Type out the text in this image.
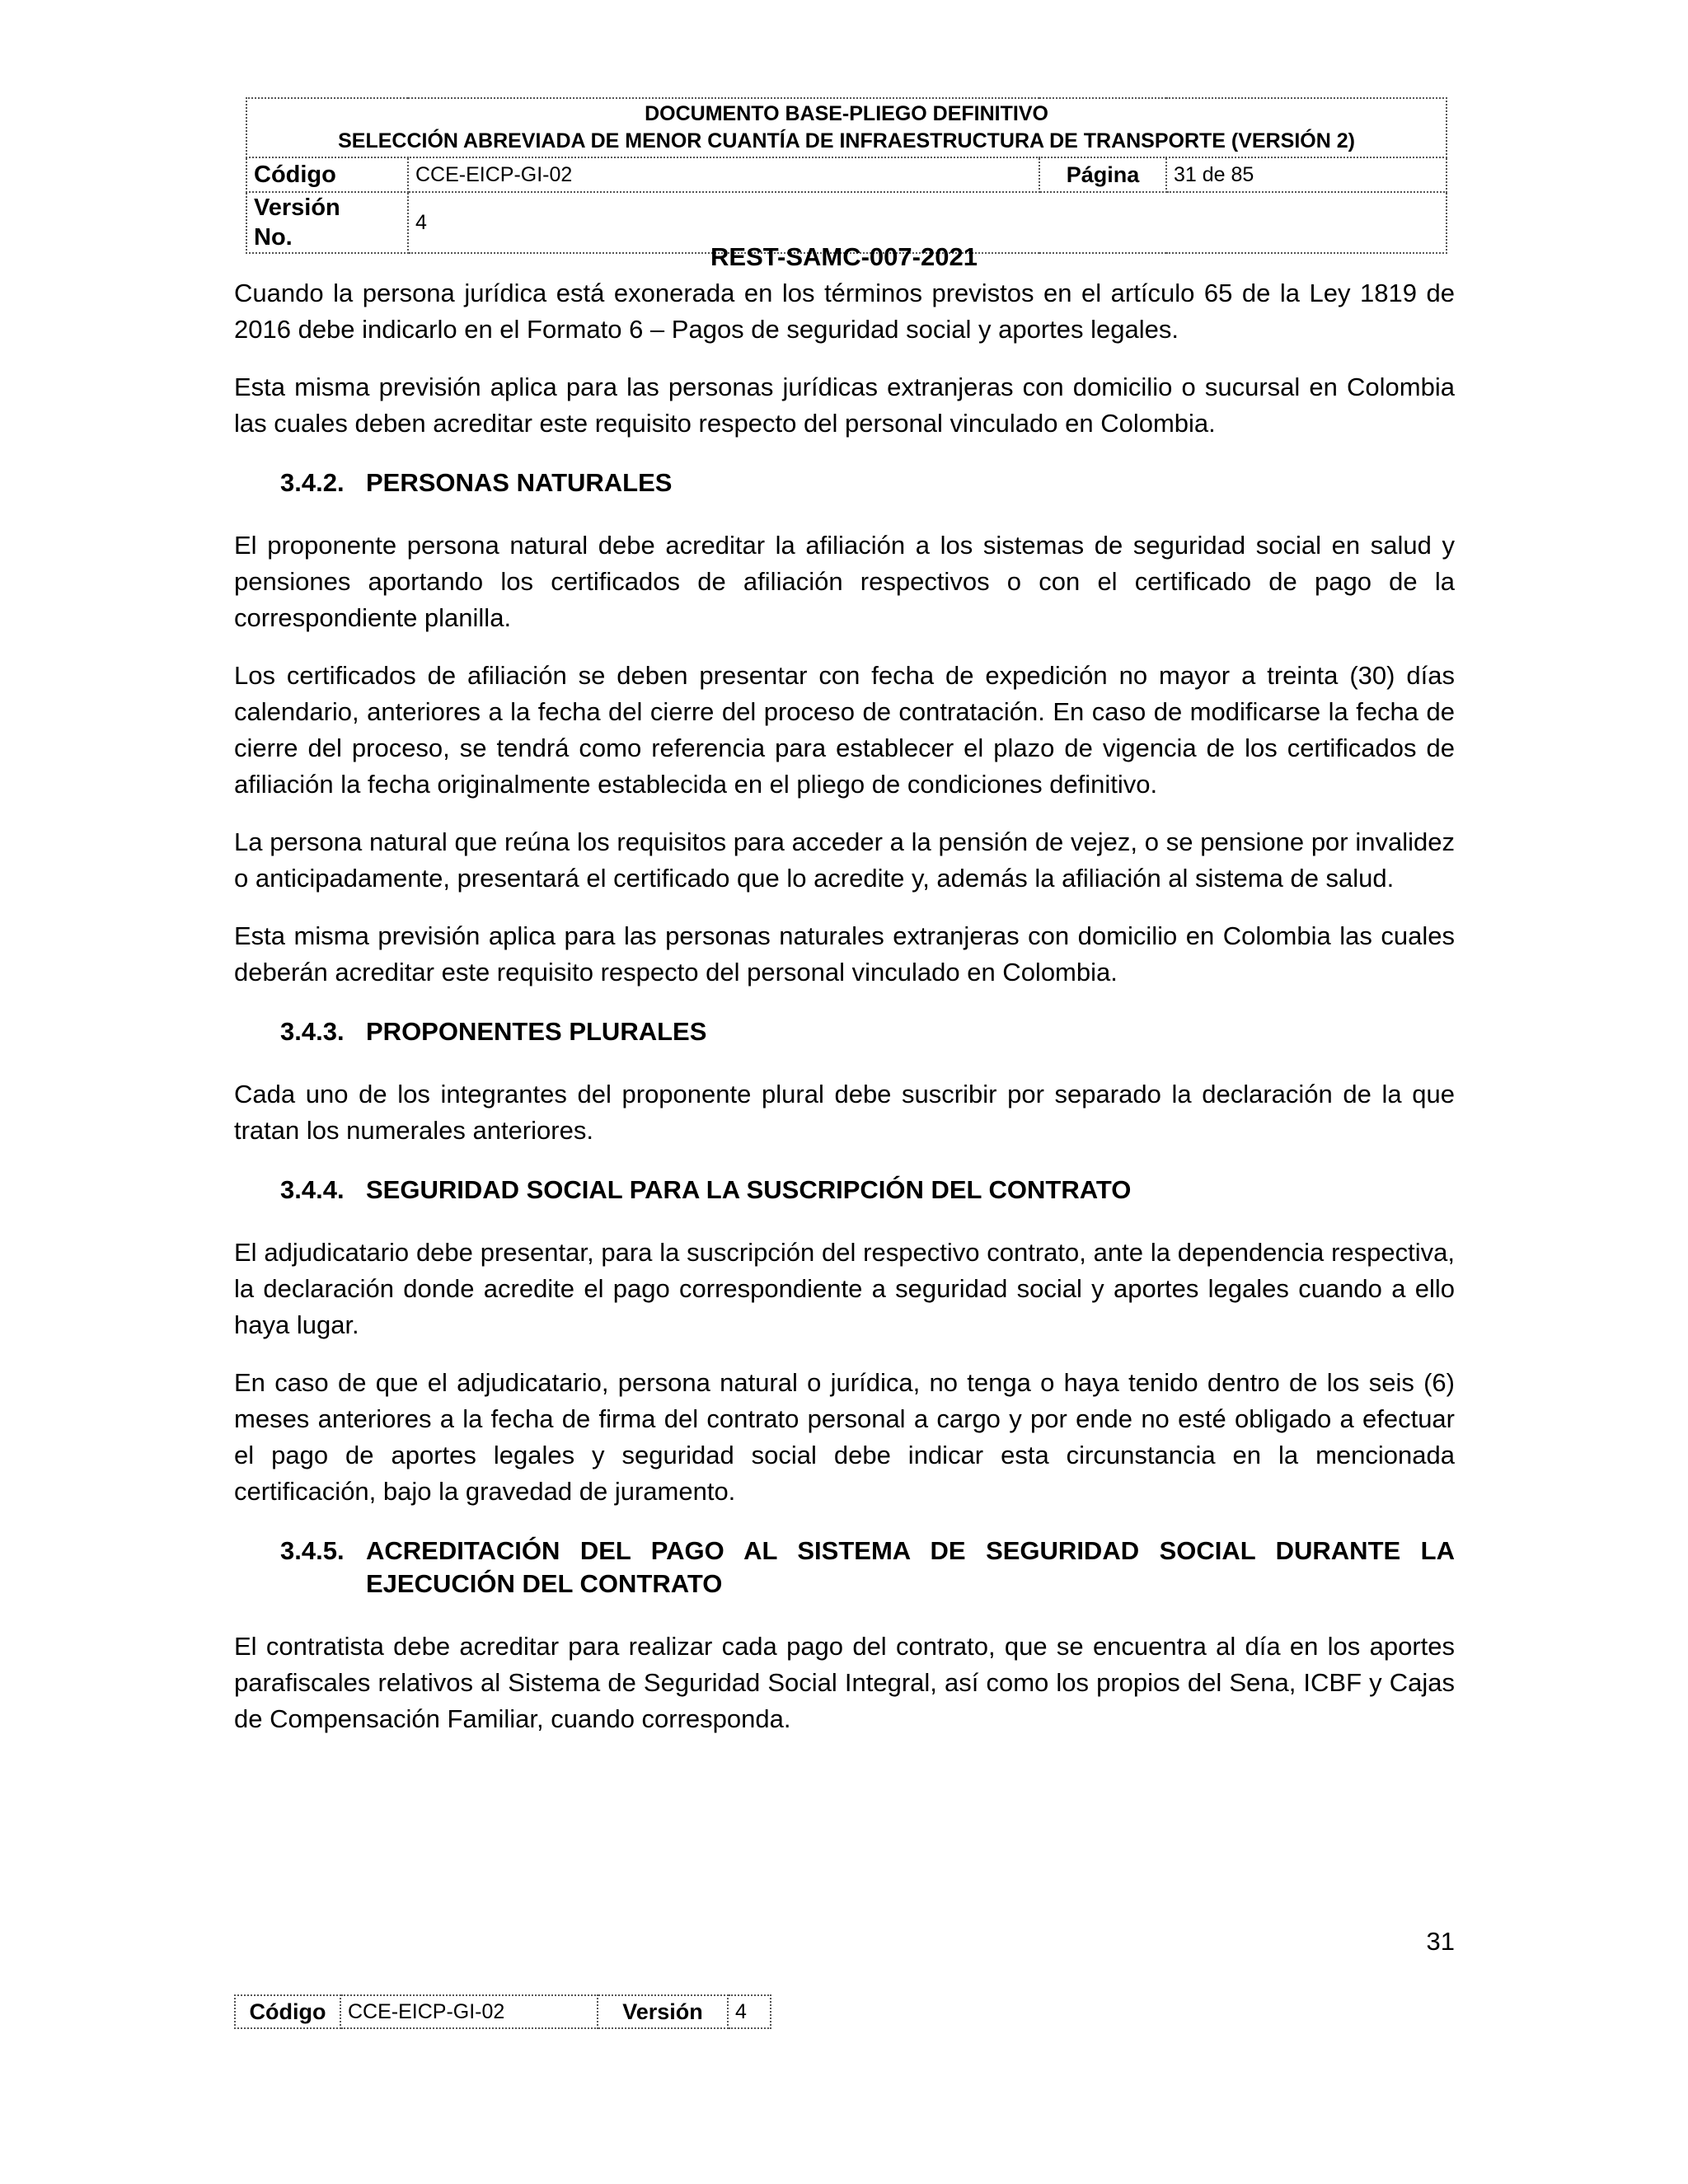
DOCUMENTO BASE-PLIEGO DEFINITIVO
SELECCIÓN ABREVIADA DE MENOR CUANTÍA DE INFRAESTRUCTURA DE TRANSPORTE (VERSIÓN 2)			

Código	CCE-EICP-GI-02	Página	31 de 85

Versión
No.	4		
REST-SAMC-007-2021

Cuando la persona jurídica está exonerada en los términos previstos en el artículo 65 de la Ley 1819 de 2016 debe indicarlo en el Formato 6 – Pagos de seguridad social y aportes legales.

Esta misma previsión aplica para las personas jurídicas extranjeras con domicilio o sucursal en Colombia las cuales deben acreditar este requisito respecto del personal vinculado en Colombia.

3.4.2. PERSONAS NATURALES

El proponente persona natural debe acreditar la afiliación a los sistemas de seguridad social en salud y pensiones aportando los certificados de afiliación respectivos o con el certificado de pago de la correspondiente planilla.

Los certificados de afiliación se deben presentar con fecha de expedición no mayor a treinta (30) días calendario, anteriores a la fecha del cierre del proceso de contratación. En caso de modificarse la fecha de cierre del proceso, se tendrá como referencia para establecer el plazo de vigencia de los certificados de afiliación la fecha originalmente establecida en el pliego de condiciones definitivo.

La persona natural que reúna los requisitos para acceder a la pensión de vejez, o se pensione por invalidez o anticipadamente, presentará el certificado que lo acredite y, además la afiliación al sistema de salud.

Esta misma previsión aplica para las personas naturales extranjeras con domicilio en Colombia las cuales deberán acreditar este requisito respecto del personal vinculado en Colombia.

3.4.3. PROPONENTES PLURALES

Cada uno de los integrantes del proponente plural debe suscribir por separado la declaración de la que tratan los numerales anteriores.

3.4.4. SEGURIDAD SOCIAL PARA LA SUSCRIPCIÓN DEL CONTRATO

El adjudicatario debe presentar, para la suscripción del respectivo contrato, ante la dependencia respectiva, la declaración donde acredite el pago correspondiente a seguridad social y aportes legales cuando a ello haya lugar.

En caso de que el adjudicatario, persona natural o jurídica, no tenga o haya tenido dentro de los seis (6) meses anteriores a la fecha de firma del contrato personal a cargo y por ende no esté obligado a efectuar el pago de aportes legales y seguridad social debe indicar esta circunstancia en la mencionada certificación, bajo la gravedad de juramento.

3.4.5. ACREDITACIÓN DEL PAGO AL SISTEMA DE SEGURIDAD SOCIAL DURANTE LA EJECUCIÓN DEL CONTRATO

El contratista debe acreditar para realizar cada pago del contrato, que se encuentra al día en los aportes parafiscales relativos al Sistema de Seguridad Social Integral, así como los propios del Sena, ICBF y Cajas de Compensación Familiar, cuando corresponda.

31
Código	CCE-EICP-GI-02	Versión	4
